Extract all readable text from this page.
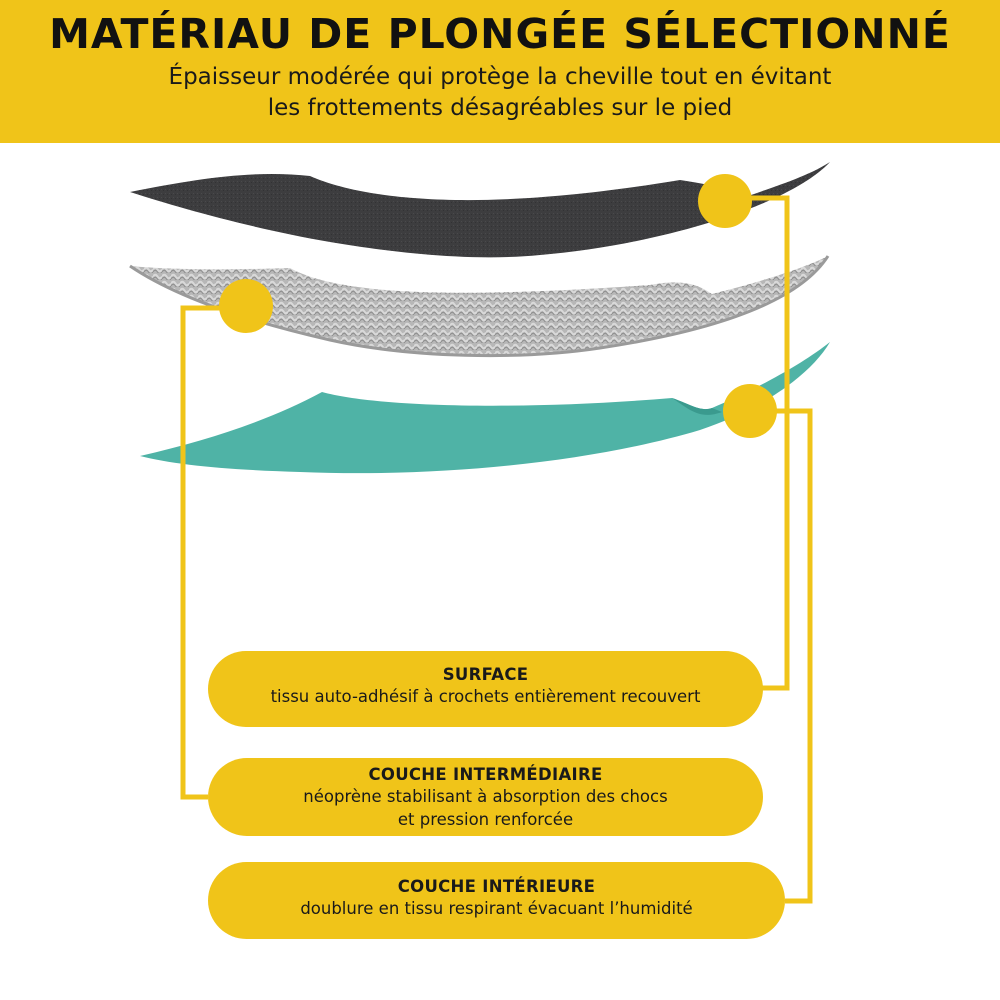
MATÉRIAU DE PLONGÉE SÉLECTIONNÉ
Épaisseur modérée qui protège la cheville tout en évitant
les frottements désagréables sur le pied
SURFACE
tissu auto-adhésif à crochets entièrement recouvert
COUCHE INTERMÉDIAIRE
néoprène stabilisant à absorption des chocs
et pression renforcée
COUCHE INTÉRIEURE
doublure en tissu respirant évacuant l’humidité
